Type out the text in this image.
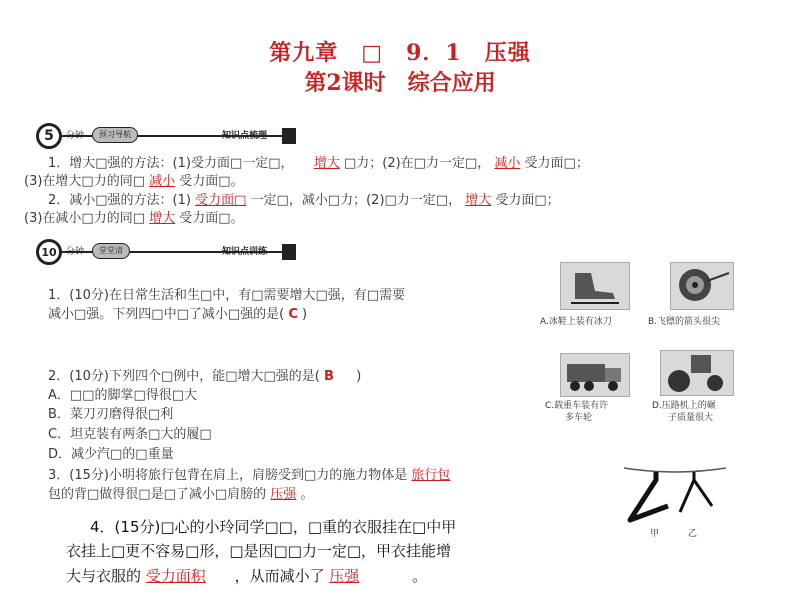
第九章　□　9．1　压强
第2课时　综合应用
5	分钟	预习导航	知识点梳理
1．增大□强的方法：(1)受力面□一定□， 增大 □力；(2)在□力一定□， 减小 受力面□；
(3)在增大□力的同□ 减小 受力面□。
2．减小□强的方法：(1) 受力面□ 一定□，减小□力；(2)□力一定□， 增大 受力面□；
(3)在减小□力的同□ 增大 受力面□。
10	分钟	堂堂清	知识点训练
1．(10分)在日常生活和生□中，有□需要增大□强，有□需要
减小□强。下列四□中□了减小□强的是( C )	A.冰鞋上装有冰刀	B.飞镖的箭头很尖
2．(10分)下列四个□例中，能□增大□强的是( B )
A．□□的脚掌□得很□大
B．菜刀刃磨得很□利
C．坦克装有两条□大的履□
D．减少汽□的□重量
C.载重车装有许
多车轮
D.压路机上的碾
子质量很大
3．(15分)小明将旅行包背在肩上，肩膀受到□力的施力物体是 旅行包
包的背□做得很□是□了减小□肩膀的 压强 。
甲	乙
4．(15分)□心的小玲同学□□，□重的衣服挂在□中甲
衣挂上□更不容易□形，□是因□□力一定□，甲衣挂能增
大与衣服的 受力面积 ，从而减小了 压强	。
